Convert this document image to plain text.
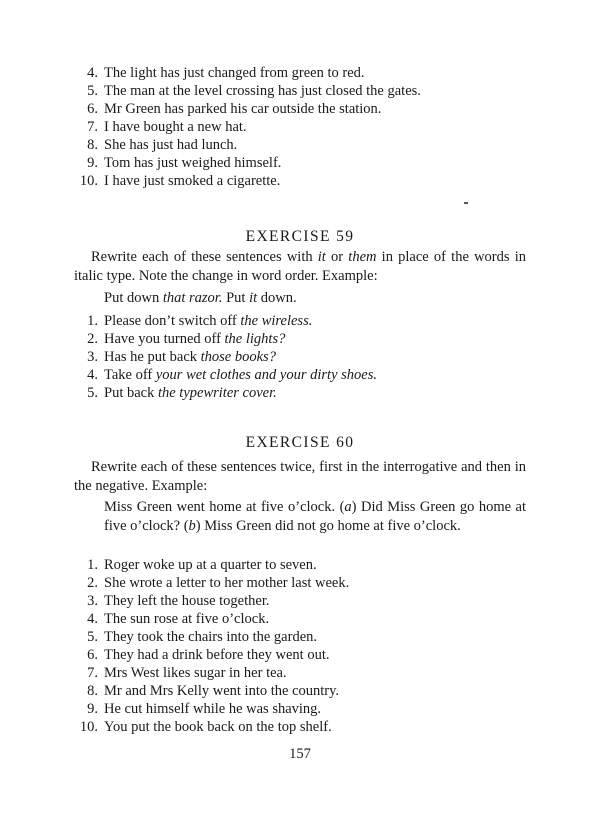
4. The light has just changed from green to red.
5. The man at the level crossing has just closed the gates.
6. Mr Green has parked his car outside the station.
7. I have bought a new hat.
8. She has just had lunch.
9. Tom has just weighed himself.
10. I have just smoked a cigarette.
EXERCISE 59
Rewrite each of these sentences with it or them in place of the words in italic type. Note the change in word order. Example:
Put down that razor. Put it down.
1. Please don’t switch off the wireless.
2. Have you turned off the lights?
3. Has he put back those books?
4. Take off your wet clothes and your dirty shoes.
5. Put back the typewriter cover.
EXERCISE 60
Rewrite each of these sentences twice, first in the interrogative and then in the negative. Example:
Miss Green went home at five o’clock. (a) Did Miss Green go home at five o’clock? (b) Miss Green did not go home at five o’clock.
1. Roger woke up at a quarter to seven.
2. She wrote a letter to her mother last week.
3. They left the house together.
4. The sun rose at five o’clock.
5. They took the chairs into the garden.
6. They had a drink before they went out.
7. Mrs West likes sugar in her tea.
8. Mr and Mrs Kelly went into the country.
9. He cut himself while he was shaving.
10. You put the book back on the top shelf.
157
